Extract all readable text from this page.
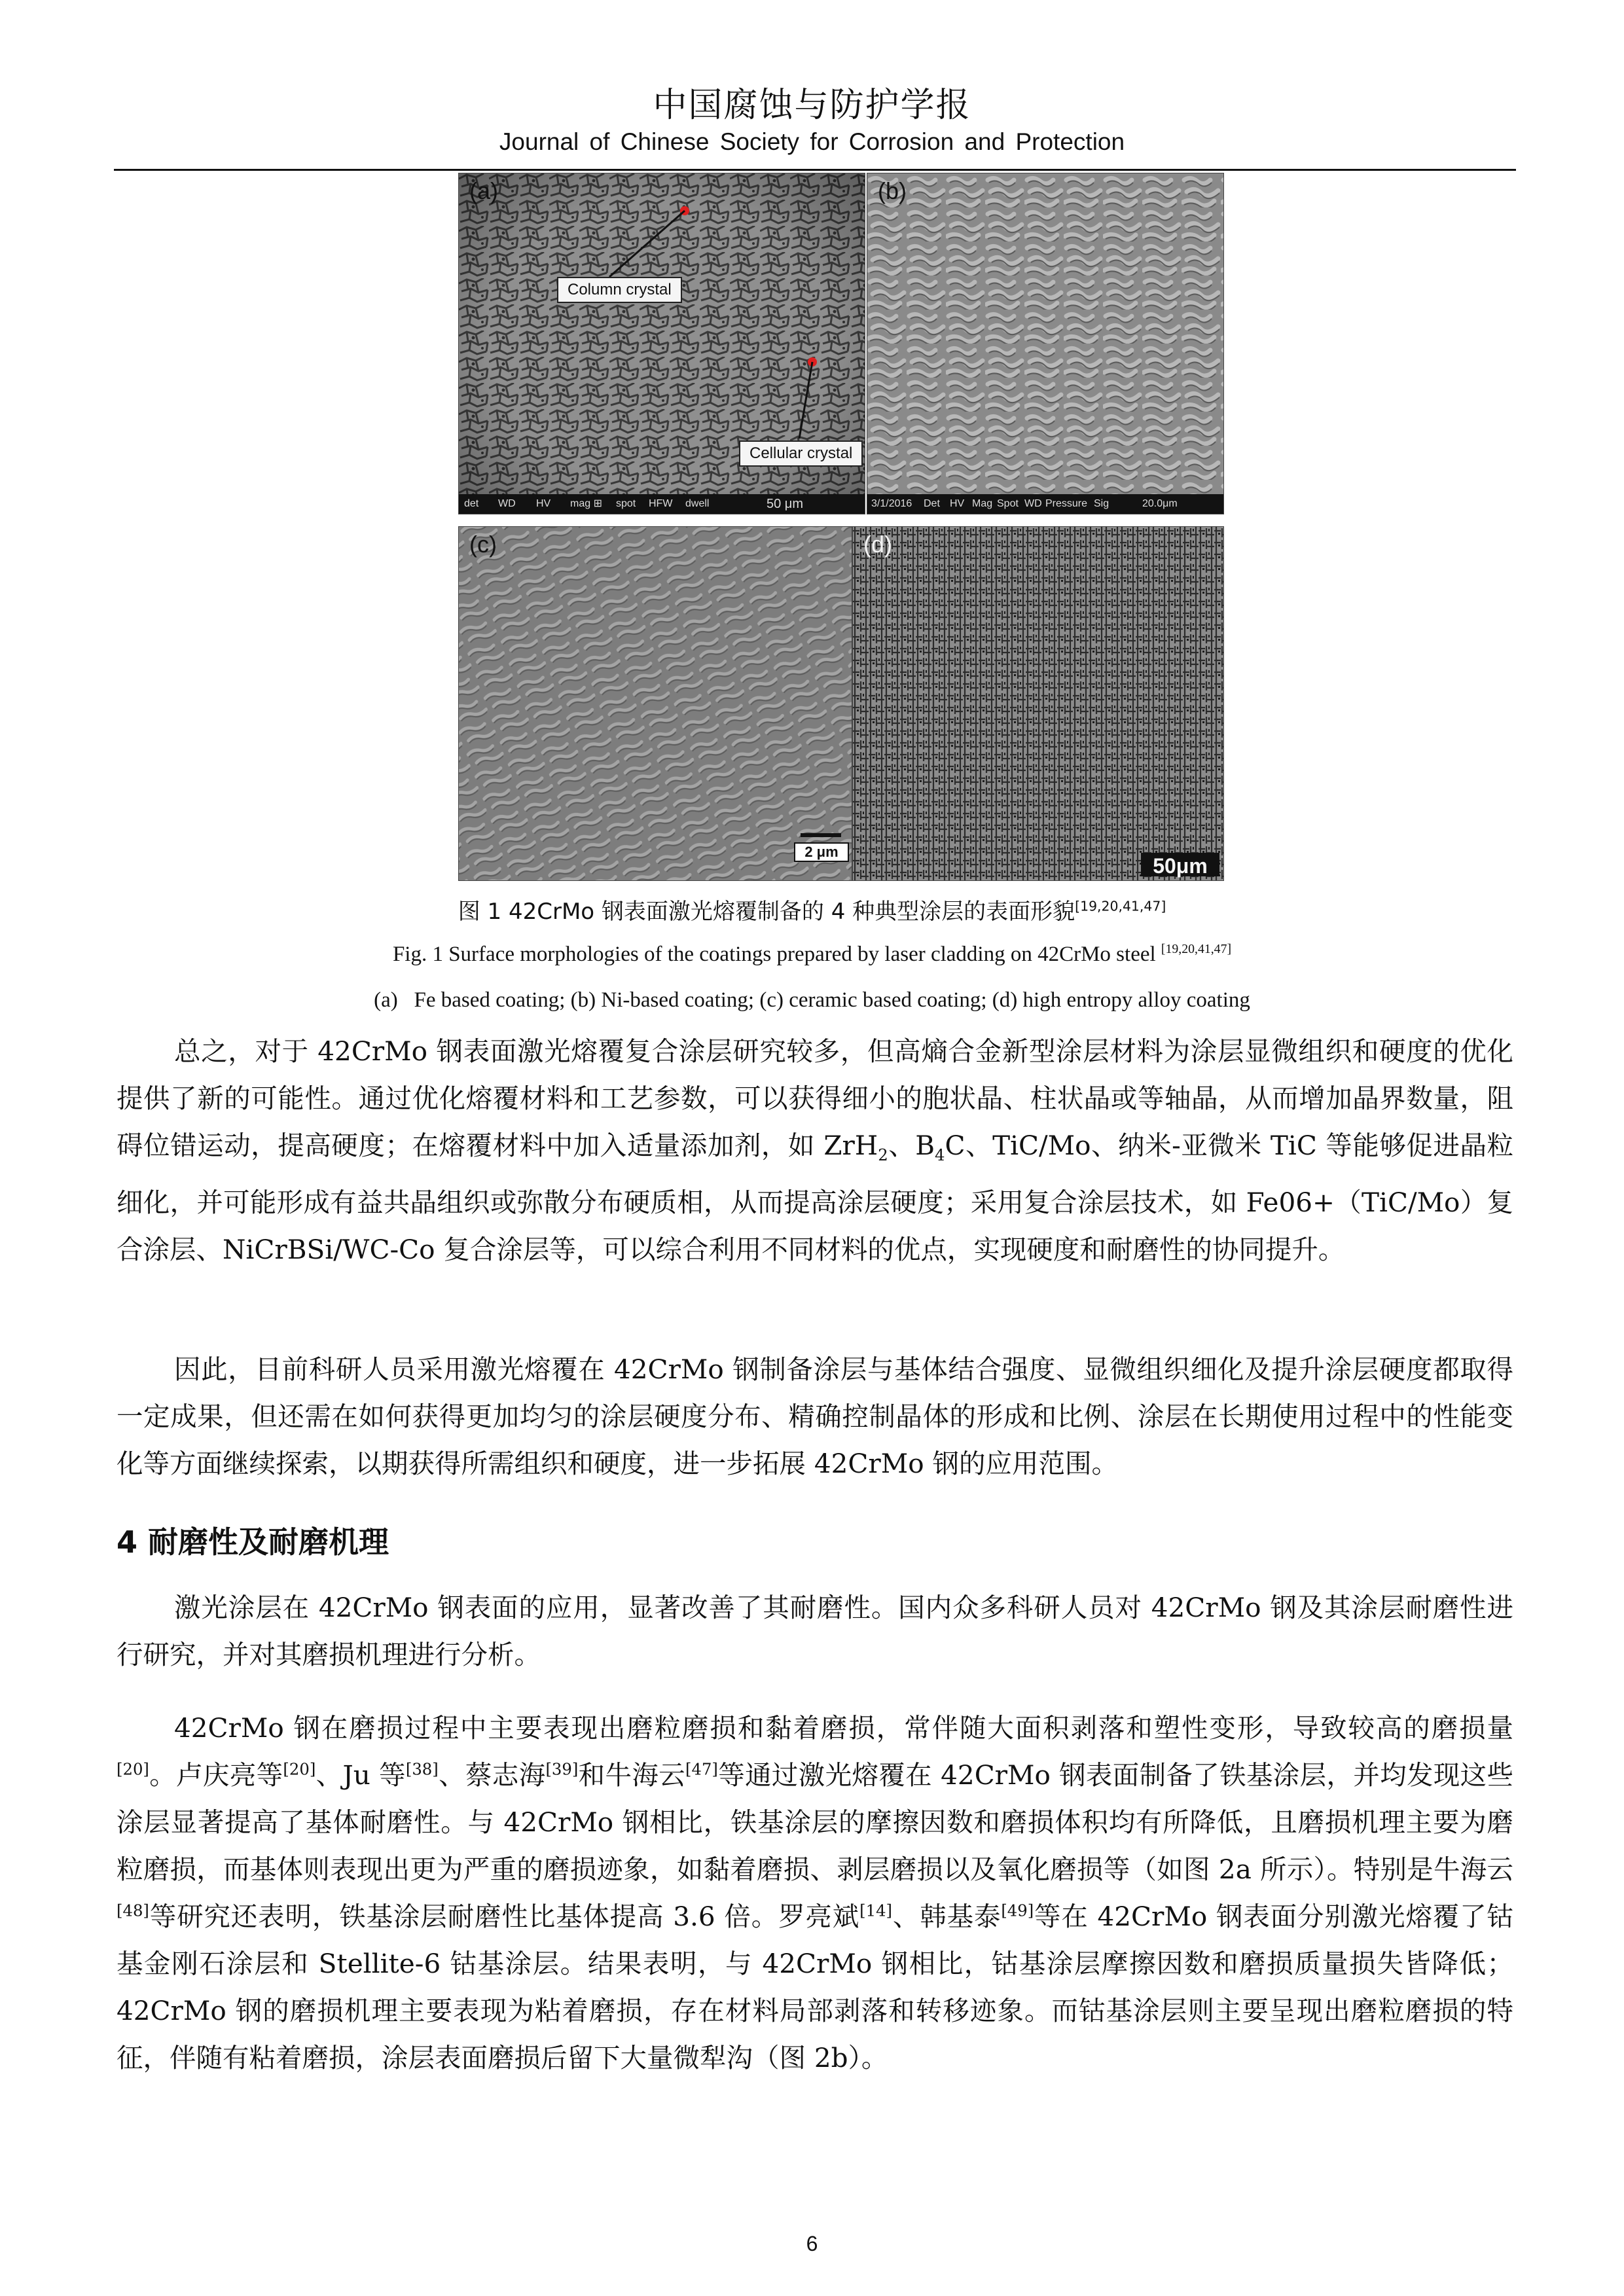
中国腐蚀与防护学报
Journal of Chinese Society for Corrosion and Protection
(a)
Column crystal
Cellular crystal
det WD HV mag ⊞ spot HFW dwell	50 μm
(b)
3/1/2016 Det HV Mag Spot WD Pressure Sig	20.0μm
(c)
2 μm
(d)
50μm
图 1 42CrMo 钢表面激光熔覆制备的 4 种典型涂层的表面形貌[19,20,41,47]
Fig. 1 Surface morphologies of the coatings prepared by laser cladding on 42CrMo steel [19,20,41,47]
(a)   Fe based coating; (b) Ni-based coating; (c) ceramic based coating; (d) high entropy alloy coating

总之，对于 42CrMo 钢表面激光熔覆复合涂层研究较多，但高熵合金新型涂层材料为涂层显微组织和硬度的优化提供了新的可能性。通过优化熔覆材料和工艺参数，可以获得细小的胞状晶、柱状晶或等轴晶，从而增加晶界数量，阻碍位错运动，提高硬度；在熔覆材料中加入适量添加剂，如 ZrH$_2$、$B_4C$、TiC/Mo、纳米-亚微米 TiC 等能够促进晶粒细化，并可能形成有益共晶组织或弥散分布硬质相，从而提高涂层硬度；采用复合涂层技术，如 Fe06+（TiC/Mo）复合涂层、NiCrBSi/WC-Co 复合涂层等，可以综合利用不同材料的优点，实现硬度和耐磨性的协同提升。

因此，目前科研人员采用激光熔覆在 42CrMo 钢制备涂层与基体结合强度、显微组织细化及提升涂层硬度都取得一定成果，但还需在如何获得更加均匀的涂层硬度分布、精确控制晶体的形成和比例、涂层在长期使用过程中的性能变化等方面继续探索，以期获得所需组织和硬度，进一步拓展 42CrMo 钢的应用范围。

4 耐磨性及耐磨机理

激光涂层在 42CrMo 钢表面的应用，显著改善了其耐磨性。国内众多科研人员对 42CrMo 钢及其涂层耐磨性进行研究，并对其磨损机理进行分析。

42CrMo 钢在磨损过程中主要表现出磨粒磨损和黏着磨损，常伴随大面积剥落和塑性变形，导致较高的磨损量[20]。卢庆亮等[20]、Ju 等[38]、蔡志海[39]和牛海云[47]等通过激光熔覆在 42CrMo 钢表面制备了铁基涂层，并均发现这些涂层显著提高了基体耐磨性。与 42CrMo 钢相比，铁基涂层的摩擦因数和磨损体积均有所降低，且磨损机理主要为磨粒磨损，而基体则表现出更为严重的磨损迹象，如黏着磨损、剥层磨损以及氧化磨损等（如图 2a 所示）。特别是牛海云[48]等研究还表明，铁基涂层耐磨性比基体提高 3.6 倍。罗亮斌[14]、韩基泰[49]等在 42CrMo 钢表面分别激光熔覆了钴基金刚石涂层和 Stellite-6 钴基涂层。结果表明，与 42CrMo 钢相比，钴基涂层摩擦因数和磨损质量损失皆降低；42CrMo 钢的磨损机理主要表现为粘着磨损，存在材料局部剥落和转移迹象。而钴基涂层则主要呈现出磨粒磨损的特征，伴随有粘着磨损，涂层表面磨损后留下大量微犁沟（图 2b）。

6
